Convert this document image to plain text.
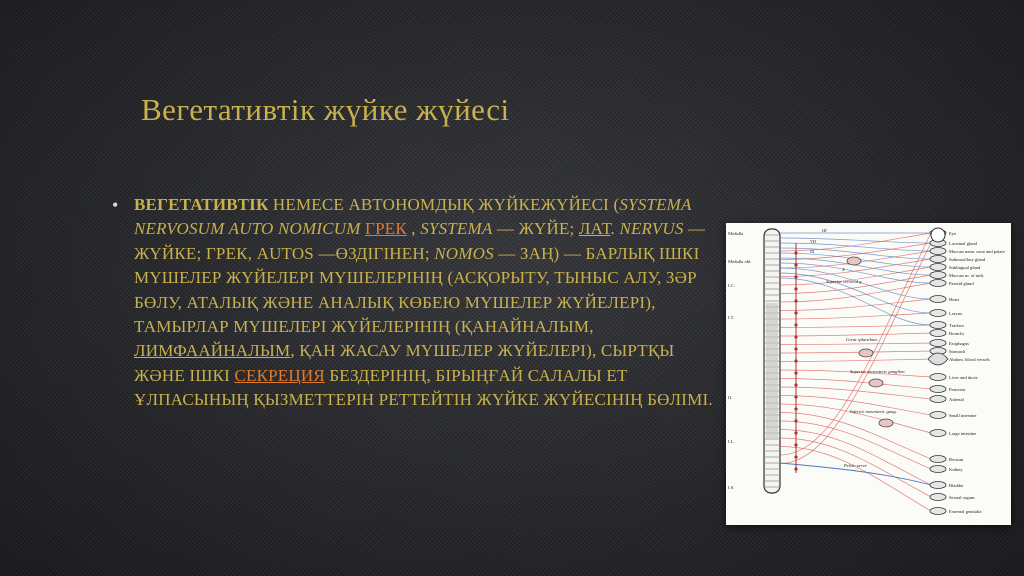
Вегетативтік жүйке жүйесі
• ВЕГЕТАТИВТІК НЕМЕСЕ АВТОНОМДЫҚ ЖҮЙКЕЖҮЙЕСІ (SYSTEMA NERVOSUM AUTO NOMICUM ГРЕК , SYSTEMA — ЖҮЙЕ; ЛАТ. NERVUS — ЖҮЙКЕ; ГРЕК, AUTOS —ӨЗДІГІНЕН; NOMOS — ЗАҢ) — БАРЛЫҚ ІШКІ МҮШЕЛЕР ЖҮЙЕЛЕРІ МҮШЕЛЕРІНІҢ (АСҚОРЫТУ, ТЫНЫС АЛУ, ЗӘР БӨЛУ, АТАЛЫҚ ЖӘНЕ АНАЛЫҚ КӨБЕЮ МҮШЕЛЕР ЖҮЙЕЛЕРІ), ТАМЫРЛАР МҮШЕЛЕРІ ЖҮЙЕЛЕРІНІҢ (ҚАНАЙНАЛЫМ, ЛИМФААЙНАЛЫМ, ҚАН ЖАСАУ МҮШЕЛЕР ЖҮЙЕЛЕРІ), СЫРТҚЫ ЖӘНЕ ІШКІ СЕКРЕЦИЯ БЕЗДЕРІНІҢ, БІРЫҢҒАЙ САЛАЛЫ ЕТ ҰЛПАСЫНЫҢ ҚЫЗМЕТТЕРІН РЕТТЕЙТІН ЖҮЙКЕ ЖҮЙЕСІНІҢ БӨЛІМІ.

Medulla
Medulla obl.
I.C.
I.T.
II.
I.L.
I.S.
III
VII
IX
X
Superior cervical g.
Great splanchnic
Superior mesenteric ganglion
Inferior mesenteric gang.
Pelvic nerve
Eye
Lacrimal gland
Mucous mem. nose and palate
Submaxillary gland
Sublingual gland
Mucous m. of mth.
Parotid gland
Heart
Larynx
Trachea
Bronchi
Esophagus
Stomach
Abdom. blood vessels
Liver and ducts
Pancreas
Adrenal
Small intestine
Large intestine
Rectum
Kidney
Bladder
Sexual organs
External genitalia
